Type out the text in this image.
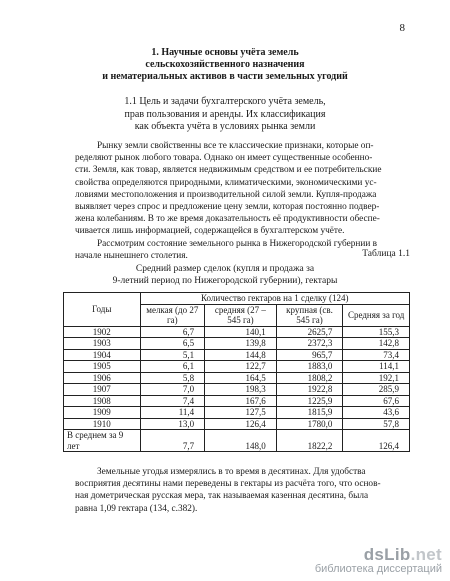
8
1. Научные основы учёта земель
сельскохозяйственного назначения
и нематериальных активов в части земельных угодий
1.1 Цель и задачи бухгалтерского учёта земель,
прав пользования и аренды. Их классификация
как объекта учёта в условиях рынка земли
Рынку земли свойственны все те классические признаки, которые оп-
ределяют рынок любого товара. Однако он имеет существенные особенно-
сти. Земля, как товар, является недвижимым средством и ее потребительские
свойства определяются природными, климатическими, экономическими ус-
ловиями местоположения и производительной силой земли. Купля-продажа
выявляет через спрос и предложение цену земли, которая постоянно подвер-
жена колебаниям. В то же время доказательность её продуктивности обеспе-
чивается лишь информацией, содержащейся в бухгалтерском учёте.
Рассмотрим состояние земельного рынка в Нижегородской губернии в
начале нынешнего столетия.	Таблица 1.1
Средний размер сделок (купля и продажа за
9-летний период по Нижегородской губернии), гектары
Годы	Количество гектаров на 1 сделку (124)			
	мелкая (до 27 га)	средняя (27 – 545 га)	крупная (св. 545 га)	Средняя за год
1902	6,7	140,1	2625,7	155,3
1903	6,5	139,8	2372,3	142,8
1904	5,1	144,8	965,7	73,4
1905	6,1	122,7	1883,0	114,1
1906	5,8	164,5	1808,2	192,1
1907	7,0	198,3	1922,8	285,9
1908	7,4	167,6	1225,9	67,6
1909	11,4	127,5	1815,9	43,6
1910	13,0	126,4	1780,0	57,8
В среднем за 9 лет	7,7	148,0	1822,2	126,4
Земельные угодья измерялись в то время в десятинах. Для удобства
восприятия десятины нами переведены в гектары из расчёта того, что основ-
ная дометрическая русская мера, так называемая казенная десятина, была
равна 1,09 гектара (134, с.382).
dsLib.net
библиотека диссертаций
